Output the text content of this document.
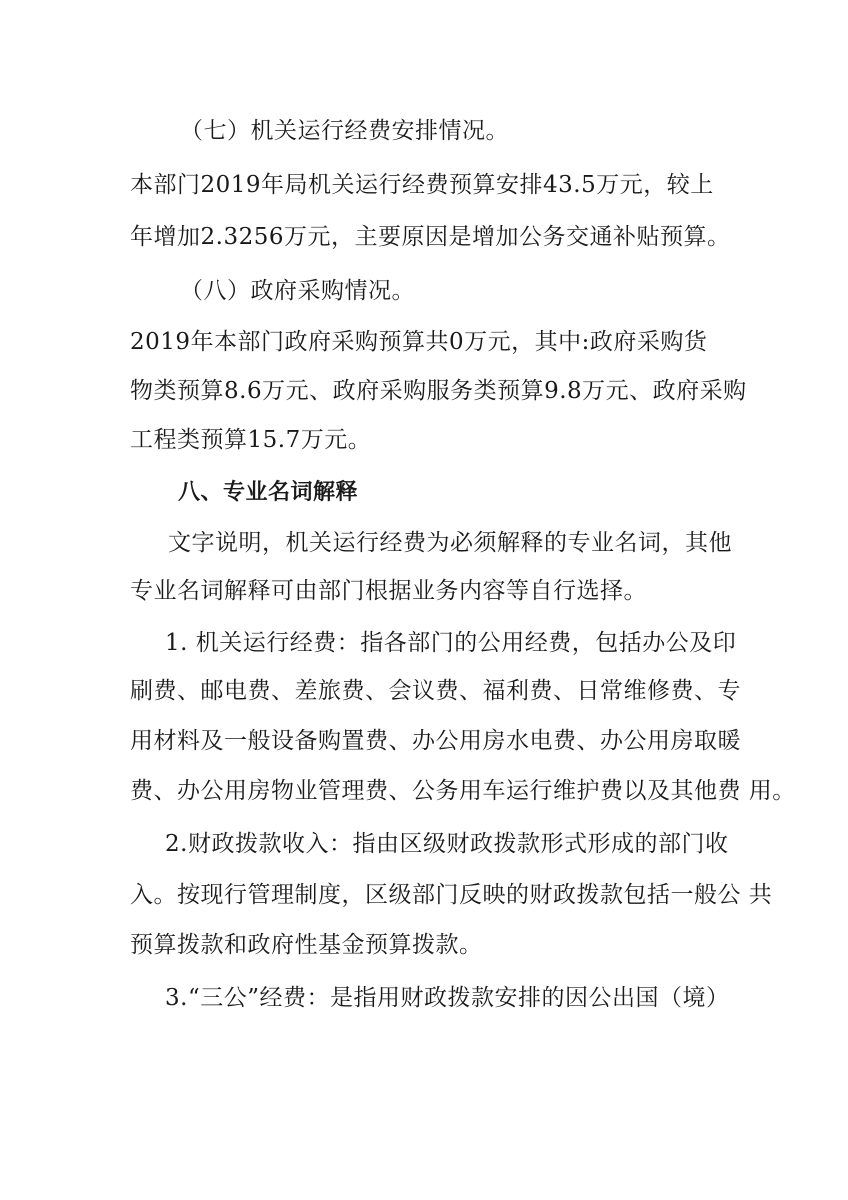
（七）机关运行经费安排情况。
本部门2019年局机关运行经费预算安排43.5万元，较上
年增加2.3256万元，主要原因是增加公务交通补贴预算。
（八）政府采购情况。
2019年本部门政府采购预算共0万元，其中:政府采购货
物类预算8.6万元、政府采购服务类预算9.8万元、政府采购
工程类预算15.7万元。
八、专业名词解释
文字说明，机关运行经费为必须解释的专业名词，其他
专业名词解释可由部门根据业务内容等自行选择。
1. 机关运行经费：指各部门的公用经费，包括办公及印
刷费、邮电费、差旅费、会议费、福利费、日常维修费、专
用材料及一般设备购置费、办公用房水电费、办公用房取暖
费、办公用房物业管理费、公务用车运行维护费以及其他费 用。
2.财政拨款收入：指由区级财政拨款形式形成的部门收
入。按现行管理制度，区级部门反映的财政拨款包括一般公 共
预算拨款和政府性基金预算拨款。
3.“三公”经费：是指用财政拨款安排的因公出国（境）
